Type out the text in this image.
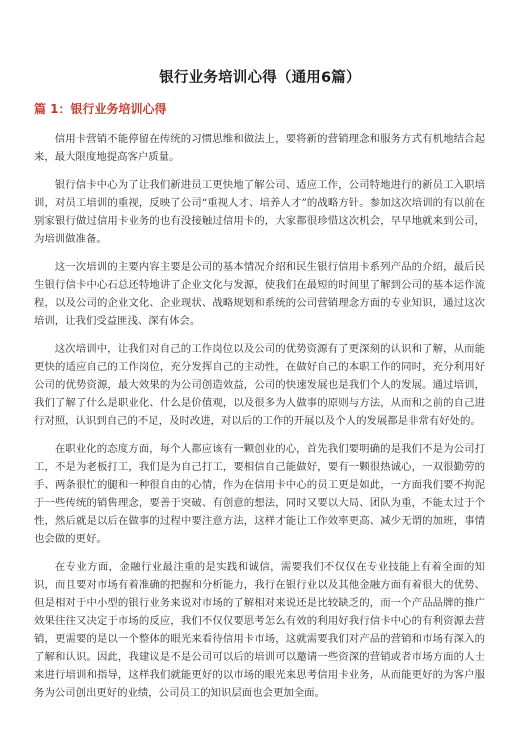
银行业务培训心得（通用6篇）
篇 1：银行业务培训心得

信用卡营销不能停留在传统的习惯思维和做法上，要将新的营销理念和服务方式有机地结合起来，最大限度地提高客户质量。

银行信卡中心为了让我们新进员工更快地了解公司、适应工作，公司特地进行的新员工入职培训，对员工培训的重视，反映了公司“重视人才、培养人才”的战略方针。参加这次培训的有以前在别家银行做过信用卡业务的也有没接触过信用卡的，大家都很珍惜这次机会，早早地就来到公司，为培训做准备。

这一次培训的主要内容主要是公司的基本情况介绍和民生银行信用卡系列产品的介绍，最后民生银行信卡中心石总还特地讲了企业文化与发源，使我们在最短的时间里了解到公司的基本运作流程，以及公司的企业文化、企业现状、战略规划和系统的公司营销理念方面的专业知识，通过这次培训，让我们受益匪浅、深有体会。

这次培训中，让我们对自己的工作岗位以及公司的优势资源有了更深刻的认识和了解，从而能更快的适应自己的工作岗位，充分发挥自己的主动性，在做好自己的本职工作的同时，充分利用好公司的优势资源，最大效果的为公司创造效益，公司的快速发展也是我们个人的发展。通过培训，我们了解了什么是职业化、什么是价值观，以及很多为人做事的原则与方法，从而和之前的自己进行对照，认识到自己的不足，及时改进，对以后的工作的开展以及个人的发展都是非常有好处的。

在职业化的态度方面，每个人都应该有一颗创业的心，首先我们要明确的是我们不是为公司打工，不是为老板打工，我们是为自己打工，要相信自己能做好，要有一颗很热诚心，一双很勤劳的手、两条很忙的腿和一种很自由的心情，作为在信用卡中心的员工更是如此，一方面我们要不拘泥于一些传统的销售理念，要善于突破、有创意的想法，同时又要以大局、团队为重，不能太过于个性，然后就是以后在做事的过程中要注意方法，这样才能让工作效率更高、减少无谓的加班，事情也会做的更好。

在专业方面，金融行业最注重的是实践和诚信，需要我们不仅仅在专业技能上有着全面的知识，而且要对市场有着准确的把握和分析能力，我行在银行业以及其他金融方面有着很大的优势、但是相对于中小型的银行业务来说对市场的了解相对来说还是比较缺乏的，而一个产品品牌的推广效果往往又决定于市场的反应，我们不仅仅要思考怎么有效的利用好我行信卡中心的有利资源去营销，更需要的是以一个整体的眼光来看待信用卡市场，这就需要我们对产品的营销和市场有深入的了解和认识。因此，我建议是不是公司可以后的培训可以邀请一些资深的营销或者市场方面的人士来进行培训和指导，这样我们就能更好的以市场的眼光来思考信用卡业务，从而能更好的为客户服务为公司创出更好的业绩，公司员工的知识层面也会更加全面。
